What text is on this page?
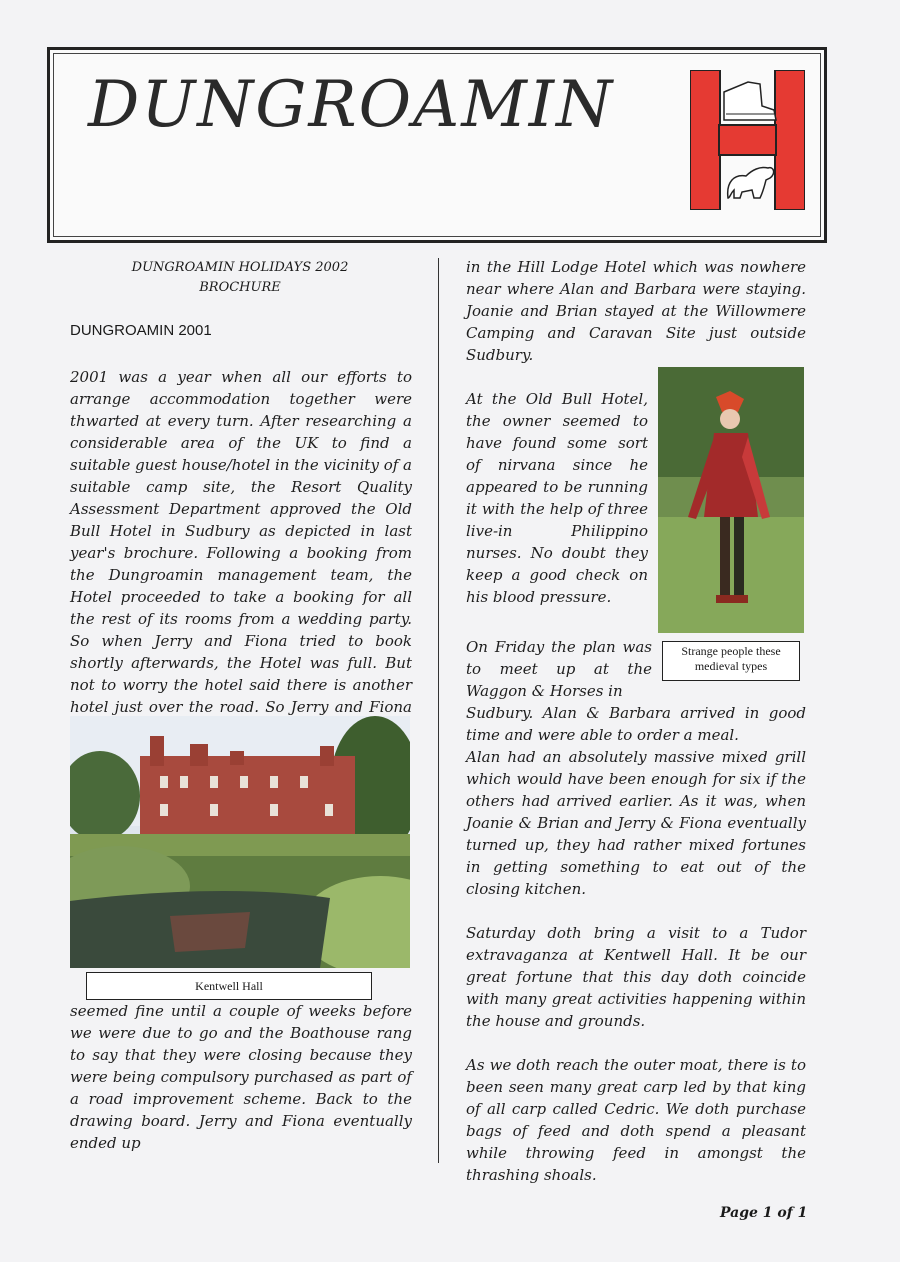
DUNGROAMIN
DUNGROAMIN HOLIDAYS 2002
BROCHURE
DUNGROAMIN 2001

2001 was a year when all our efforts to arrange accommodation together were thwarted at every turn. After researching a considerable area of the UK to find a suitable guest house/hotel in the vicinity of a suitable camp site, the Resort Quality Assessment Department approved the Old Bull Hotel in Sudbury as depicted in last year's brochure. Following a booking from the Dungroamin management team, the Hotel proceeded to take a booking for all the rest of its rooms from a wedding party. So when Jerry and Fiona tried to book shortly afterwards, the Hotel was full. But not to worry the hotel said there is another hotel just over the road. So Jerry and Fiona

Kentwell Hall

seemed fine until a couple of weeks before we were due to go and the Boathouse rang to say that they were closing because they were being compulsory purchased as part of a road improvement scheme. Back to the drawing board. Jerry and Fiona eventually ended up

in the Hill Lodge Hotel which was nowhere near where Alan and Barbara were staying. Joanie and Brian stayed at the Willowmere Camping and Caravan Site just outside Sudbury.

At the Old Bull Hotel, the owner seemed to have found some sort of nirvana since he appeared to be running it with the help of three live-in Philippino nurses. No doubt they keep a good check on his blood pressure.

Strange people these medieval types

On Friday the plan was to meet up at the Waggon & Horses in

Sudbury. Alan & Barbara arrived in good time and were able to order a meal.

Alan had an absolutely massive mixed grill which would have been enough for six if the others had arrived earlier. As it was, when Joanie & Brian and Jerry & Fiona eventually turned up, they had rather mixed fortunes in getting something to eat out of the closing kitchen.

Saturday doth bring a visit to a Tudor extravaganza at Kentwell Hall. It be our great fortune that this day doth coincide with many great activities happening within the house and grounds.

As we doth reach the outer moat, there is to been seen many great carp led by that king of all carp called Cedric. We doth purchase bags of feed and doth spend a pleasant while throwing feed in amongst the thrashing shoals.

Page 1 of 1
